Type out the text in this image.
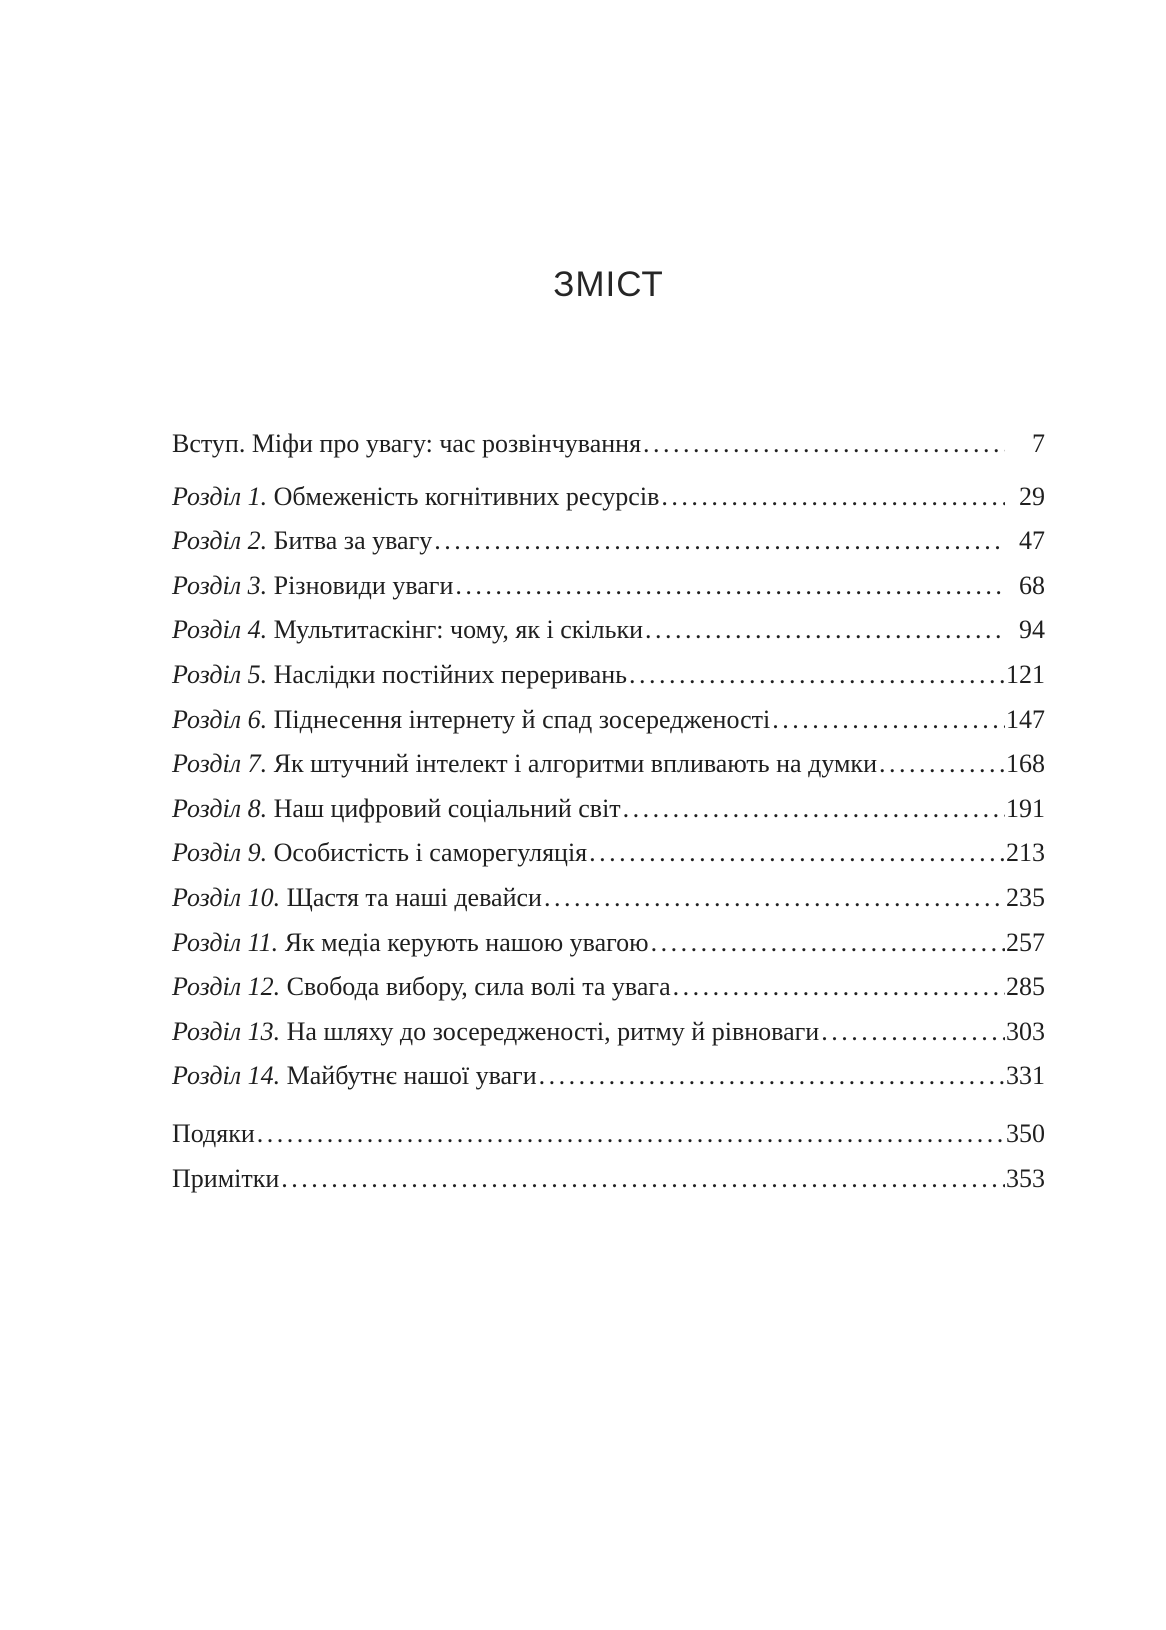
ЗМІСТ
Вступ. Міфи про увагу: час розвінчування .....	7
Розділ 1. Обмеженість когнітивних ресурсів .....	29
Розділ 2. Битва за увагу .....	47
Розділ 3. Різновиди уваги .....	68
Розділ 4. Мультитаскінг: чому, як і скільки .....	94
Розділ 5. Наслідки постійних переривань .....	121
Розділ 6. Піднесення інтернету й спад зосередженості .....	147
Розділ 7. Як штучний інтелект і алгоритми впливають на думки .....	168
Розділ 8. Наш цифровий соціальний світ .....	191
Розділ 9. Особистість і саморегуляція .....	213
Розділ 10. Щастя та наші девайси .....	235
Розділ 11. Як медіа керують нашою увагою .....	257
Розділ 12. Свобода вибору, сила волі та увага .....	285
Розділ 13. На шляху до зосередженості, ритму й рівноваги .....	303
Розділ 14. Майбутнє нашої уваги .....	331
Подяки .....	350
Примітки .....	353
